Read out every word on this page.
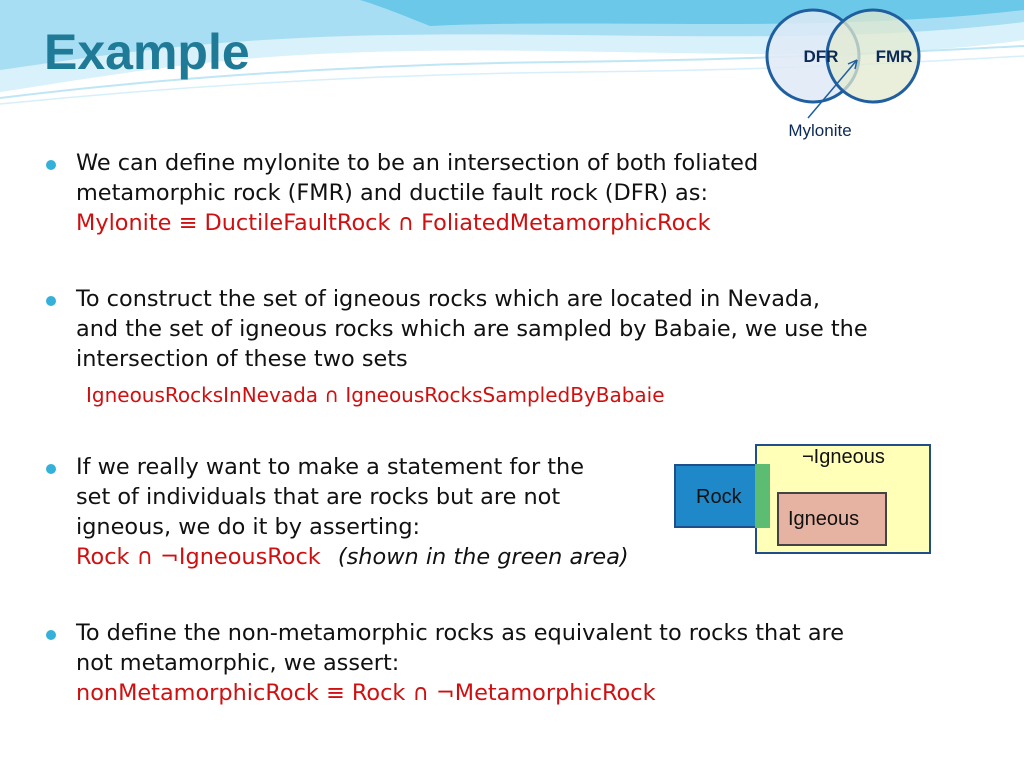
Example	DFR FMR
Mylonite
We can define mylonite to be an intersection of both foliated
metamorphic rock (FMR) and ductile fault rock (DFR) as:
Mylonite ≡ DuctileFaultRock ∩ FoliatedMetamorphicRock
To construct the set of igneous rocks which are located in Nevada,
and the set of igneous rocks which are sampled by Babaie, we use the
intersection of these two sets
IgneousRocksInNevada ∩ IgneousRocksSampledByBabaie
If we really want to make a statement for the
set of individuals that are rocks but are not
igneous, we do it by asserting:
Rock ∩ ¬IgneousRock (shown in the green area)
¬Igneous
Rock
Igneous
To define the non-metamorphic rocks as equivalent to rocks that are
not metamorphic, we assert:
nonMetamorphicRock ≡ Rock ∩ ¬MetamorphicRock
